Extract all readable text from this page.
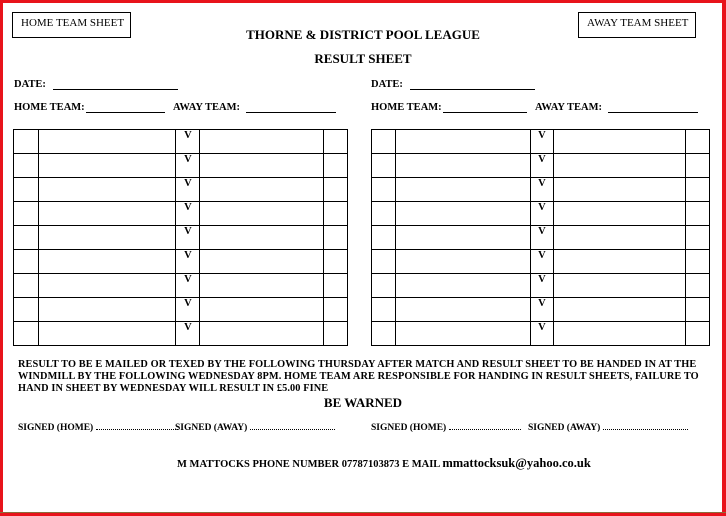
HOME TEAM SHEET	AWAY TEAM SHEET
THORNE & DISTRICT POOL LEAGUE
RESULT SHEET
DATE:
HOME TEAM:	AWAY TEAM:
DATE:
HOME TEAM:	AWAY TEAM:
		V		
		V		
		V		
		V		
		V		
		V		
		V		
		V		
		V		
		V		
		V		
		V		
		V		
		V		
		V		
		V		
		V		
		V		
RESULT TO BE E MAILED OR TEXED BY THE FOLLOWING THURSDAY AFTER MATCH AND RESULT SHEET TO BE HANDED IN AT THE
WINDMILL BY THE FOLLOWING WEDNESDAY 8PM. HOME TEAM ARE RESPONSIBLE FOR HANDING IN RESULT SHEETS, FAILURE TO
HAND IN SHEET BY WEDNESDAY WILL RESULT IN £5.00 FINE
BE WARNED
SIGNED (HOME)	SIGNED (AWAY)	SIGNED (HOME)	SIGNED (AWAY)
M MATTOCKS PHONE NUMBER 07787103873 E MAIL mmattocksuk@yahoo.co.uk
